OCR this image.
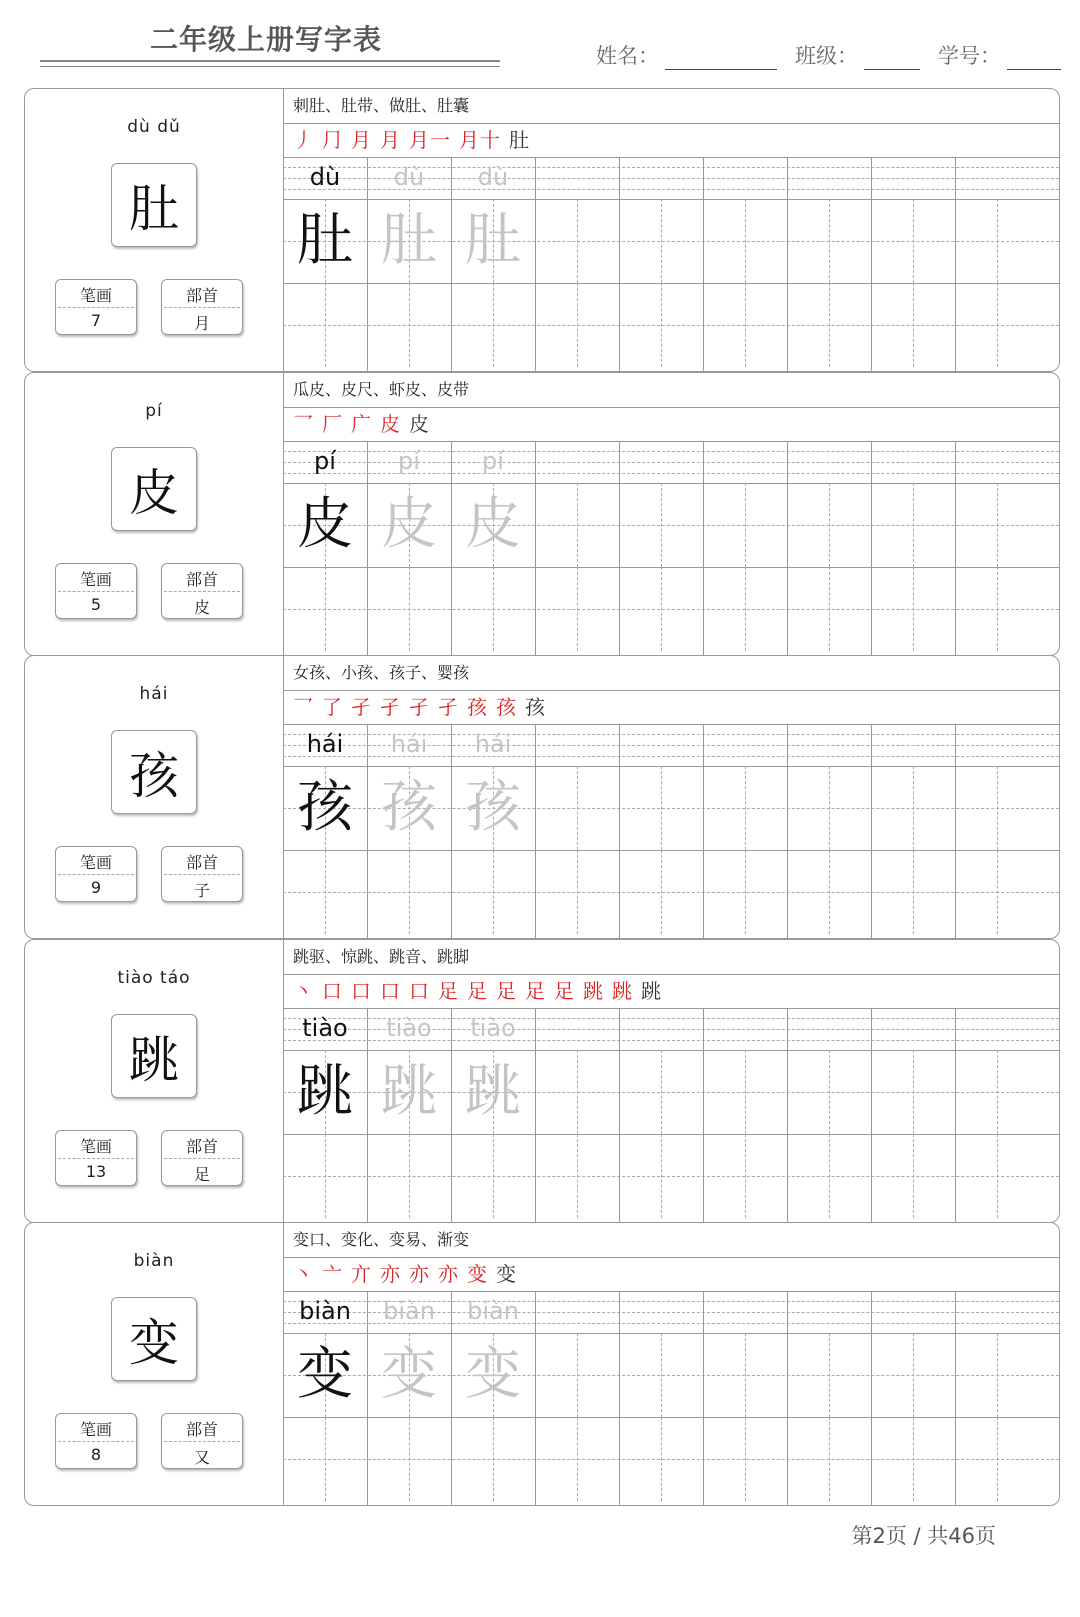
二年级上册写字表	姓名：	班级：	学号：
dù dǔ
肚
笔画
7
部首
月
刺肚、肚带、做肚、肚囊
丿 ⺆ 月 月 月一 月十 肚
dù
肚
dù
肚
dù
肚
pí
皮
笔画
5
部首
皮
瓜皮、皮尺、虾皮、皮带
乛 厂 广 皮 皮
pí
皮
pí
皮
pí
皮
hái
孩
笔画
9
部首
子
女孩、小孩、孩子、婴孩
乛 了 孑 孑 孑 孑 孩 孩 孩
hái
孩
hái
孩
hái
孩
tiào táo
跳
笔画
13
部首
足
跳驱、惊跳、跳音、跳脚
丶 口 口 口 口 足 足 足 足 足 跳 跳 跳
tiào
跳
tiào
跳
tiào
跳
biàn
变
笔画
8
部首
又
变口、变化、变易、渐变
丶 亠 亣 亦 亦 亦 变 变
biàn
变
biàn
变
biàn
变
第2页 / 共46页
